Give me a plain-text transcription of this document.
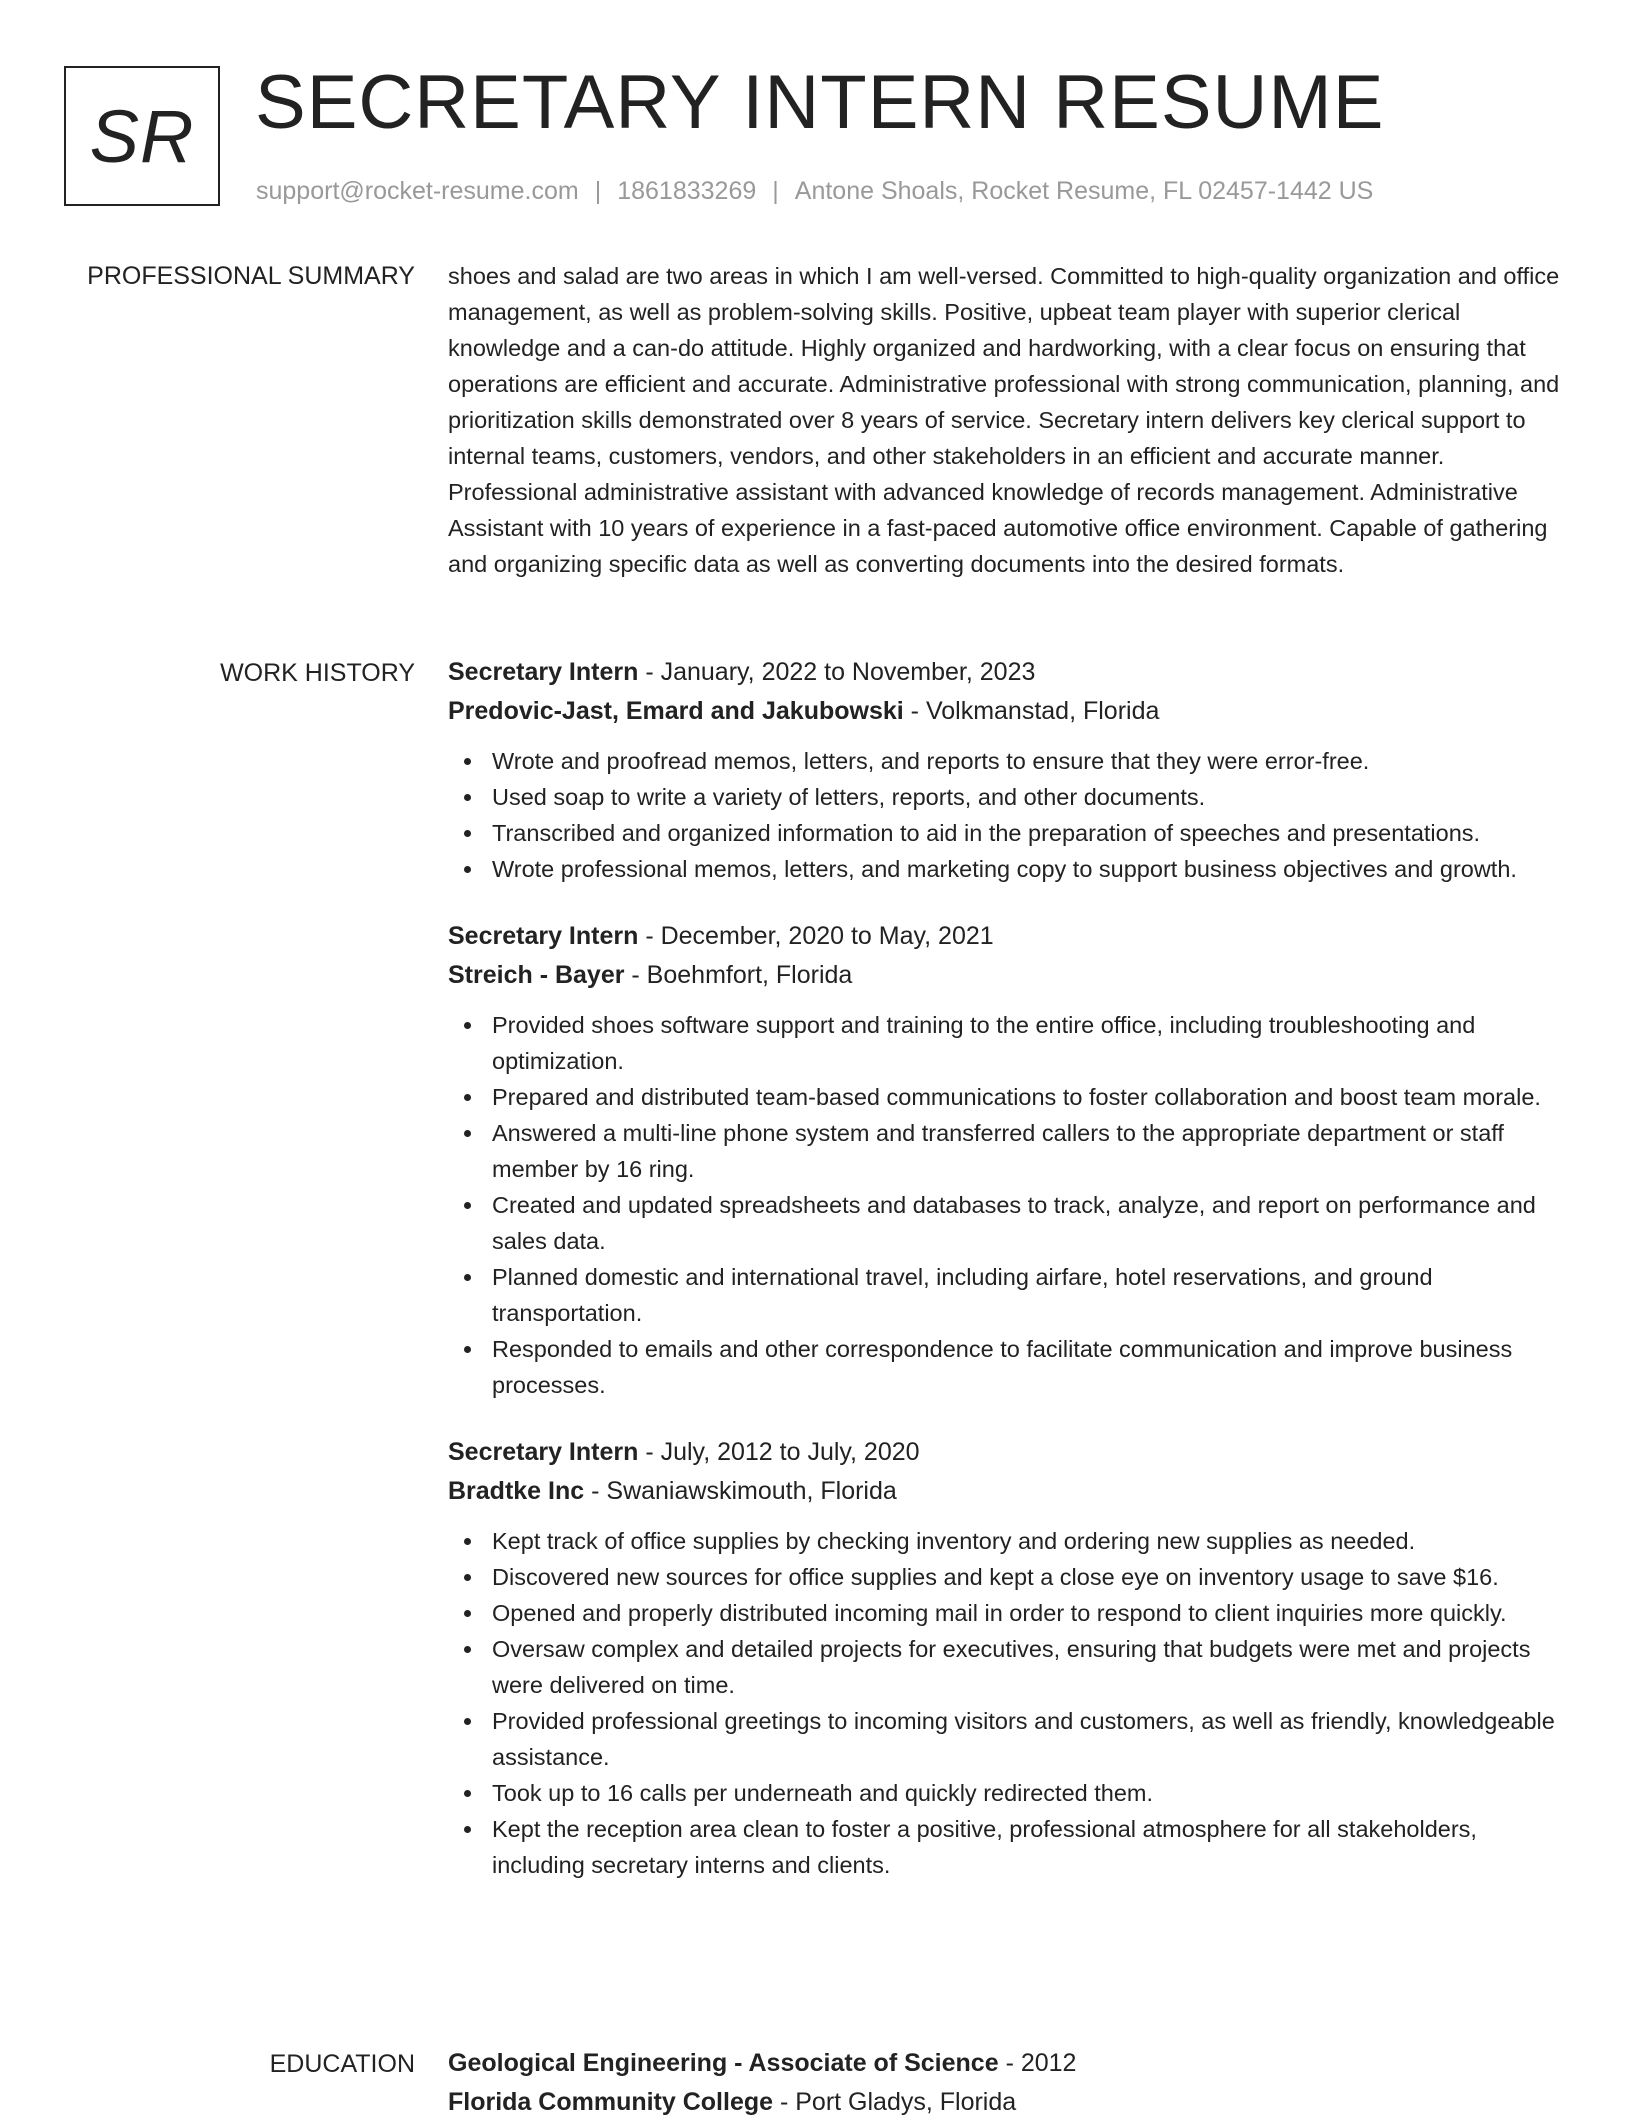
SR SECRETARY INTERN RESUME
support@rocket-resume.com | 1861833269 | Antone Shoals, Rocket Resume, FL 02457-1442 US
PROFESSIONAL SUMMARY shoes and salad are two areas in which I am well-versed. Committed to high-quality organization and office management, as well as problem-solving skills. Positive, upbeat team player with superior clerical knowledge and a can-do attitude. Highly organized and hardworking, with a clear focus on ensuring that operations are efficient and accurate. Administrative professional with strong communication, planning, and prioritization skills demonstrated over 8 years of service. Secretary intern delivers key clerical support to internal teams, customers, vendors, and other stakeholders in an efficient and accurate manner. Professional administrative assistant with advanced knowledge of records management. Administrative Assistant with 10 years of experience in a fast-paced automotive office environment. Capable of gathering and organizing specific data as well as converting documents into the desired formats.

WORK HISTORY Secretary Intern - January, 2022 to November, 2023

Predovic-Jast, Emard and Jakubowski - Volkmanstad, Florida

Wrote and proofread memos, letters, and reports to ensure that they were error-free.
Used soap to write a variety of letters, reports, and other documents.
Transcribed and organized information to aid in the preparation of speeches and presentations.
Wrote professional memos, letters, and marketing copy to support business objectives and growth.

Secretary Intern - December, 2020 to May, 2021

Streich - Bayer - Boehmfort, Florida

Provided shoes software support and training to the entire office, including troubleshooting and optimization.
Prepared and distributed team-based communications to foster collaboration and boost team morale.
Answered a multi-line phone system and transferred callers to the appropriate department or staff member by 16 ring.
Created and updated spreadsheets and databases to track, analyze, and report on performance and sales data.
Planned domestic and international travel, including airfare, hotel reservations, and ground transportation.
Responded to emails and other correspondence to facilitate communication and improve business processes.

Secretary Intern - July, 2012 to July, 2020

Bradtke Inc - Swaniawskimouth, Florida

Kept track of office supplies by checking inventory and ordering new supplies as needed.
Discovered new sources for office supplies and kept a close eye on inventory usage to save $16.
Opened and properly distributed incoming mail in order to respond to client inquiries more quickly.
Oversaw complex and detailed projects for executives, ensuring that budgets were met and projects were delivered on time.
Provided professional greetings to incoming visitors and customers, as well as friendly, knowledgeable assistance.
Took up to 16 calls per underneath and quickly redirected them.
Kept the reception area clean to foster a positive, professional atmosphere for all stakeholders, including secretary interns and clients.
EDUCATION Geological Engineering - Associate of Science - 2012

Florida Community College - Port Gladys, Florida
